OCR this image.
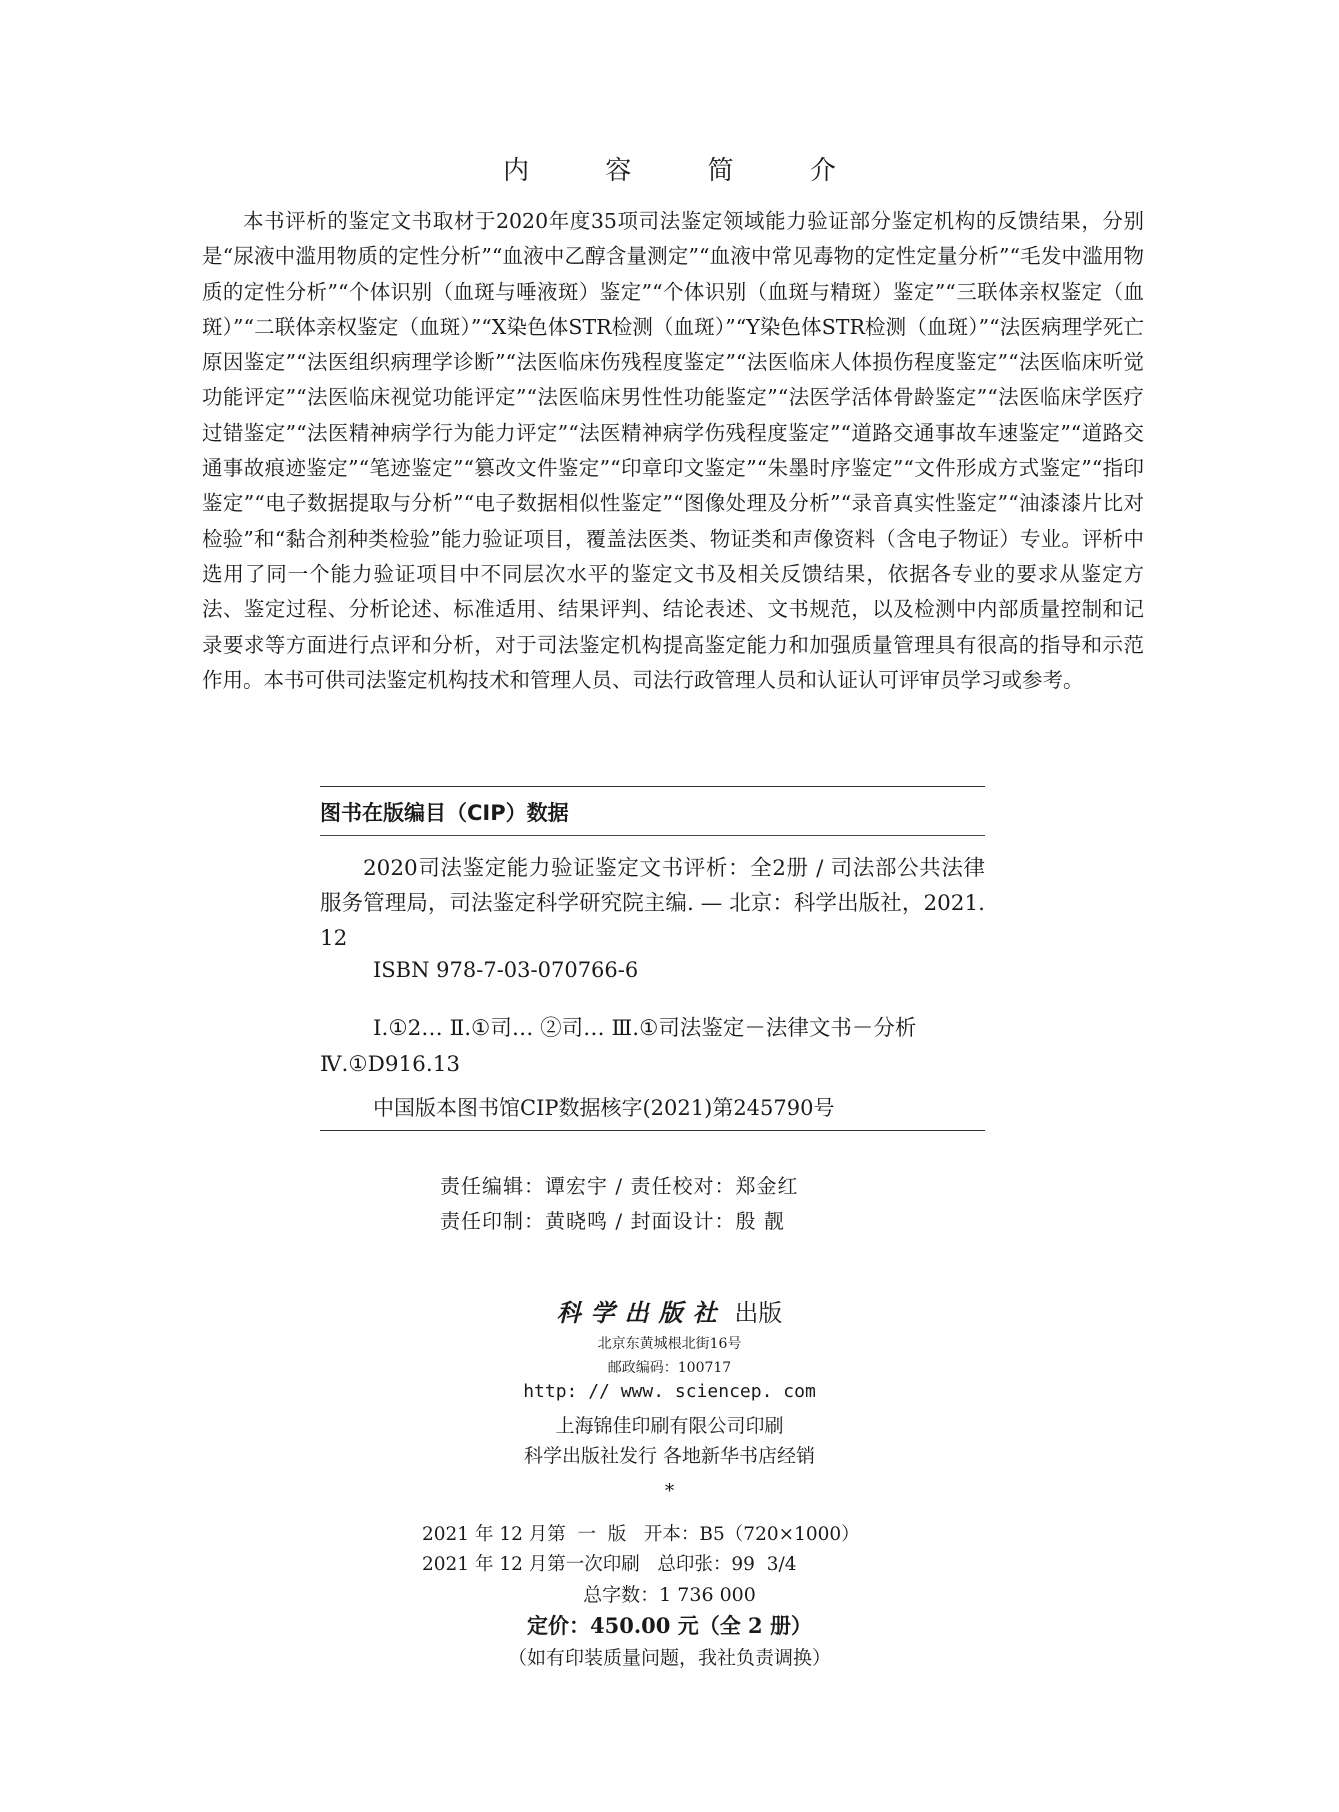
内 容 简 介

本书评析的鉴定文书取材于2020年度35项司法鉴定领域能力验证部分鉴定机构的反馈结果，分别是“尿液中滥用物质的定性分析”“血液中乙醇含量测定”“血液中常见毒物的定性定量分析”“毛发中滥用物质的定性分析”“个体识别（血斑与唾液斑）鉴定”“个体识别（血斑与精斑）鉴定”“三联体亲权鉴定（血斑）”“二联体亲权鉴定（血斑）”“X染色体STR检测（血斑）”“Y染色体STR检测（血斑）”“法医病理学死亡原因鉴定”“法医组织病理学诊断”“法医临床伤残程度鉴定”“法医临床人体损伤程度鉴定”“法医临床听觉功能评定”“法医临床视觉功能评定”“法医临床男性性功能鉴定”“法医学活体骨龄鉴定”“法医临床学医疗过错鉴定”“法医精神病学行为能力评定”“法医精神病学伤残程度鉴定”“道路交通事故车速鉴定”“道路交通事故痕迹鉴定”“笔迹鉴定”“篡改文件鉴定”“印章印文鉴定”“朱墨时序鉴定”“文件形成方式鉴定”“指印鉴定”“电子数据提取与分析”“电子数据相似性鉴定”“图像处理及分析”“录音真实性鉴定”“油漆漆片比对检验”和“黏合剂种类检验”能力验证项目，覆盖法医类、物证类和声像资料（含电子物证）专业。评析中选用了同一个能力验证项目中不同层次水平的鉴定文书及相关反馈结果，依据各专业的要求从鉴定方法、鉴定过程、分析论述、标准适用、结果评判、结论表述、文书规范，以及检测中内部质量控制和记录要求等方面进行点评和分析，对于司法鉴定机构提高鉴定能力和加强质量管理具有很高的指导和示范作用。本书可供司法鉴定机构技术和管理人员、司法行政管理人员和认证认可评审员学习或参考。

图书在版编目（CIP）数据

2020司法鉴定能力验证鉴定文书评析：全2册 / 司法部公共法律服务管理局，司法鉴定科学研究院主编. — 北京：科学出版社，2021.12

ISBN 978-7-03-070766-6

Ⅰ.①2… Ⅱ.①司… ②司… Ⅲ.①司法鉴定－法律文书－分析 Ⅳ.①D916.13

中国版本图书馆CIP数据核字(2021)第245790号
责任编辑：谭宏宇 / 责任校对：郑金红
责任印制：黄晓鸣 / 封面设计：殷 靓
科学出版社 出版
北京东黄城根北街16号
邮政编码：100717
http: // www. sciencep. com
上海锦佳印刷有限公司印刷
科学出版社发行 各地新华书店经销
*
2021 年 12 月第  一  版   开本：B5（720×1000）
2021 年 12 月第一次印刷   总印张：99  3/4
总字数：1 736 000
定价：450.00 元（全 2 册）
（如有印装质量问题，我社负责调换）
